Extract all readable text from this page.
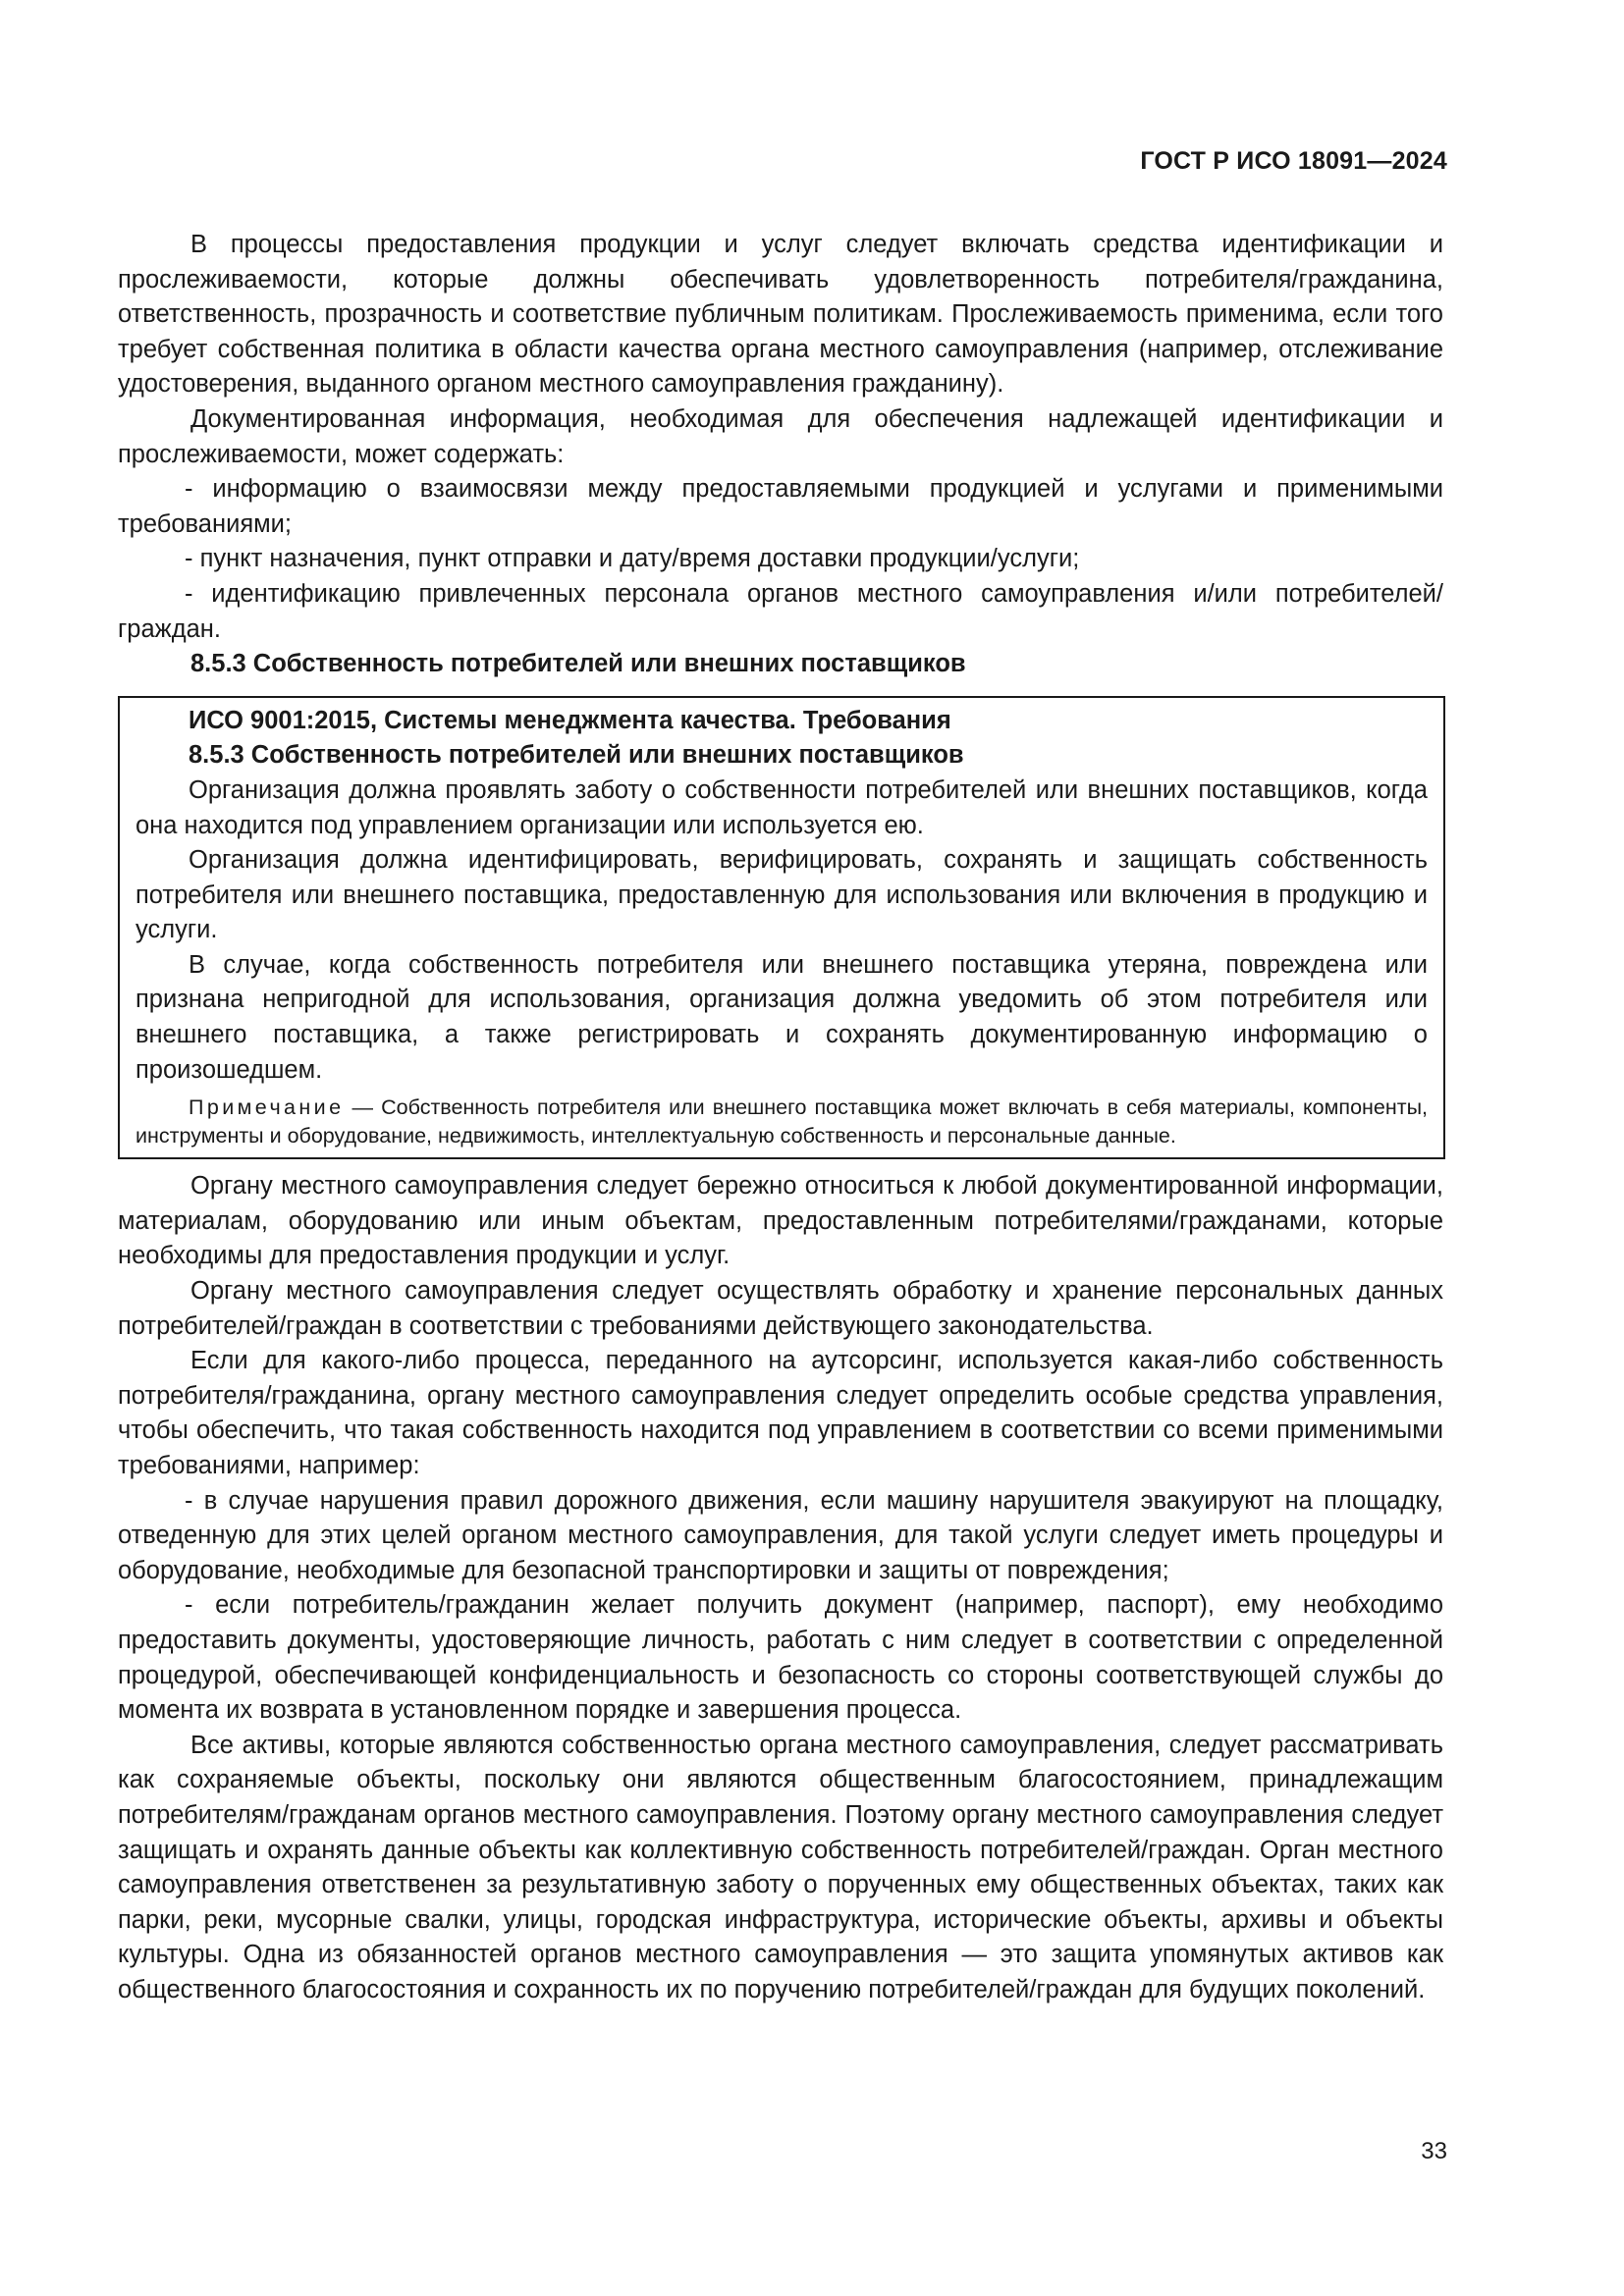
ГОСТ Р ИСО 18091—2024

В процессы предоставления продукции и услуг следует включать средства идентификации и прослеживаемости, которые должны обеспечивать удовлетворенность потребителя/гражданина, ответственность, прозрачность и соответствие публичным политикам. Прослеживаемость применима, если того требует собственная политика в области качества органа местного самоуправления (например, отслеживание удостоверения, выданного органом местного самоуправления гражданину).

Документированная информация, необходимая для обеспечения надлежащей идентификации и прослеживаемости, может содержать:

- информацию о взаимосвязи между предоставляемыми продукцией и услугами и применимыми требованиями;

- пункт назначения, пункт отправки и дату/время доставки продукции/услуги;

- идентификацию привлеченных персонала органов местного самоуправления и/или потребителей/граждан.

8.5.3 Собственность потребителей или внешних поставщиков

ИСО 9001:2015, Системы менеджмента качества. Требования

8.5.3 Собственность потребителей или внешних поставщиков

Организация должна проявлять заботу о собственности потребителей или внешних поставщиков, когда она находится под управлением организации или используется ею.

Организация должна идентифицировать, верифицировать, сохранять и защищать собственность потребителя или внешнего поставщика, предоставленную для использования или включения в продукцию и услуги.

В случае, когда собственность потребителя или внешнего поставщика утеряна, повреждена или признана непригодной для использования, организация должна уведомить об этом потребителя или внешнего поставщика, а также регистрировать и сохранять документированную информацию о произошедшем.

Примечание — Собственность потребителя или внешнего поставщика может включать в себя материалы, компоненты, инструменты и оборудование, недвижимость, интеллектуальную собственность и персональные данные.

Органу местного самоуправления следует бережно относиться к любой документированной информации, материалам, оборудованию или иным объектам, предоставленным потребителями/гражданами, которые необходимы для предоставления продукции и услуг.

Органу местного самоуправления следует осуществлять обработку и хранение персональных данных потребителей/граждан в соответствии с требованиями действующего законодательства.

Если для какого-либо процесса, переданного на аутсорсинг, используется какая-либо собственность потребителя/гражданина, органу местного самоуправления следует определить особые средства управления, чтобы обеспечить, что такая собственность находится под управлением в соответствии со всеми применимыми требованиями, например:

- в случае нарушения правил дорожного движения, если машину нарушителя эвакуируют на площадку, отведенную для этих целей органом местного самоуправления, для такой услуги следует иметь процедуры и оборудование, необходимые для безопасной транспортировки и защиты от повреждения;

- если потребитель/гражданин желает получить документ (например, паспорт), ему необходимо предоставить документы, удостоверяющие личность, работать с ним следует в соответствии с определенной процедурой, обеспечивающей конфиденциальность и безопасность со стороны соответствующей службы до момента их возврата в установленном порядке и завершения процесса.

Все активы, которые являются собственностью органа местного самоуправления, следует рассматривать как сохраняемые объекты, поскольку они являются общественным благосостоянием, принадлежащим потребителям/гражданам органов местного самоуправления. Поэтому органу местного самоуправления следует защищать и охранять данные объекты как коллективную собственность потребителей/граждан. Орган местного самоуправления ответственен за результативную заботу о порученных ему общественных объектах, таких как парки, реки, мусорные свалки, улицы, городская инфраструктура, исторические объекты, архивы и объекты культуры. Одна из обязанностей органов местного самоуправления — это защита упомянутых активов как общественного благосостояния и сохранность их по поручению потребителей/граждан для будущих поколений.

33
